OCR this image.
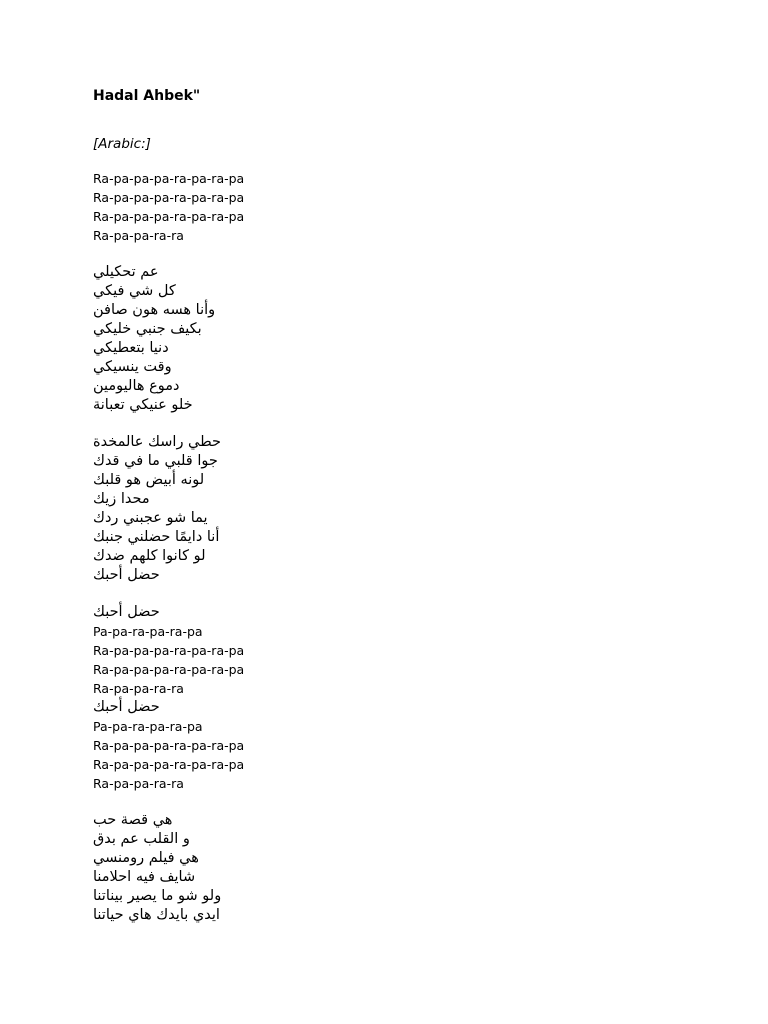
Hadal Ahbek"
[Arabic:]
Ra-pa-pa-pa-ra-pa-ra-pa
Ra-pa-pa-pa-ra-pa-ra-pa
Ra-pa-pa-pa-ra-pa-ra-pa
Ra-pa-pa-ra-ra
عم تحكيلي
كل شي فيكي
وأنا هسه هون صافن
بكيف جنبي خليكي
دنيا بتعطيكي
وقت ينسيكي
دموع هاليومين
خلو عنيكي تعبانة
حطي راسك عالمخدة
جوا قلبي ما في قدك
لونه أبيض هو قلبك
محدا زيك
يما شو عجبني ردك
أنا دايمًا حضلني جنبك
لو كانوا كلهم ضدك
حضل أحبك
حضل أحبك
Pa-pa-ra-pa-ra-pa
Ra-pa-pa-pa-ra-pa-ra-pa
Ra-pa-pa-pa-ra-pa-ra-pa
Ra-pa-pa-ra-ra
حضل أحبك
Pa-pa-ra-pa-ra-pa
Ra-pa-pa-pa-ra-pa-ra-pa
Ra-pa-pa-pa-ra-pa-ra-pa
Ra-pa-pa-ra-ra
هي قصة حب
و القلب عم بدق
هي فيلم رومنسي
شايف فيه احلامنا
ولو شو ما يصير بيناتنا
ايدي بايدك هاي حياتنا
